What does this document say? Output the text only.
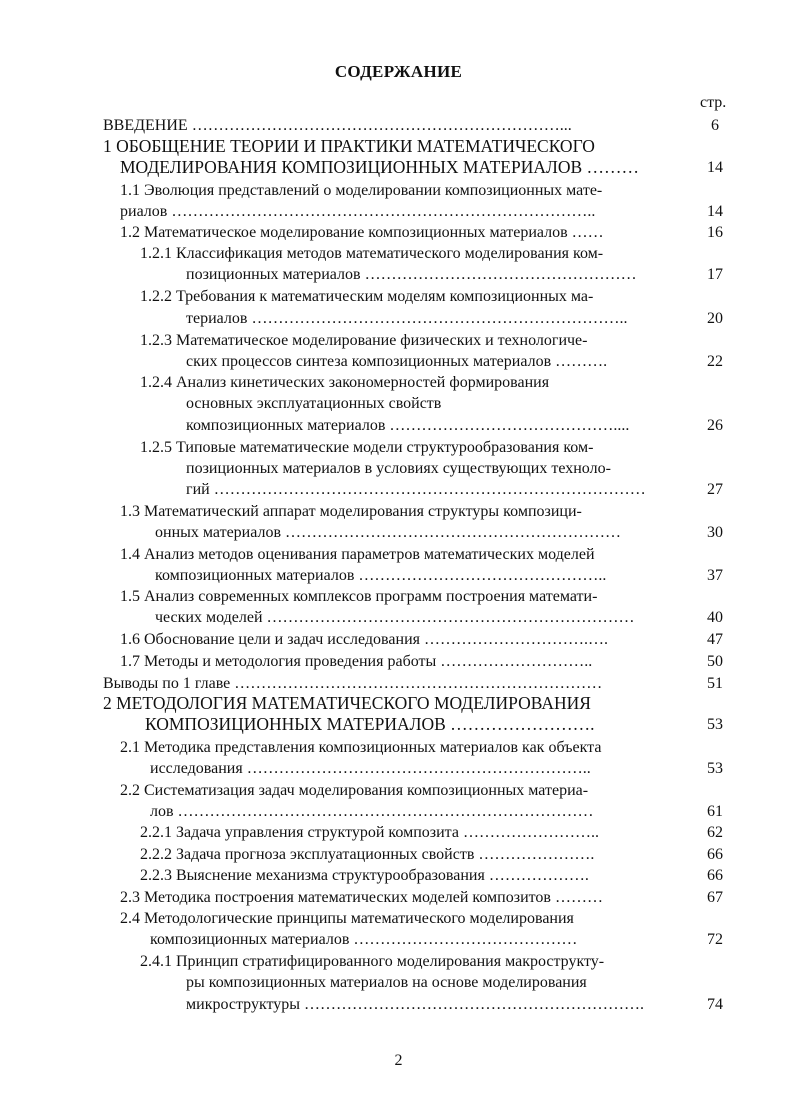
СОДЕРЖАНИЕ
стр.
ВВЕДЕНИЕ ……………………………………………………………...	6
1 ОБОБЩЕНИЕ ТЕОРИИ И ПРАКТИКИ МАТЕМАТИЧЕСКОГО
МОДЕЛИРОВАНИЯ КОМПОЗИЦИОННЫХ МАТЕРИАЛОВ ………	14
1.1 Эволюция представлений о моделировании композиционных мате-
риалов ……………………………………………………………………..	14
1.2 Математическое моделирование композиционных материалов ……	16
1.2.1 Классификация методов математического моделирования ком-
позиционных материалов ……………………………………………	17
1.2.2 Требования к математическим моделям композиционных ма-
териалов ……………………………………………………………..	20
1.2.3 Математическое моделирование физических и технологиче-
ских процессов синтеза композиционных материалов ……….	22
1.2.4 Анализ кинетических закономерностей формирования
основных эксплуатационных свойств
композиционных материалов ……………………………………....	26
1.2.5 Типовые математические модели структурообразования ком-
позиционных материалов в условиях существующих техноло-
гий ………………………………………………………………………	27
1.3 Математический аппарат моделирования структуры композици-
онных материалов ………………………………………………………	30
1.4 Анализ методов оценивания параметров математических моделей
композиционных материалов ………………………………………..	37
1.5 Анализ современных комплексов программ построения математи-
ческих моделей ……………………………………………………………	40
1.6 Обоснование цели и задач исследования ………………………….….	47
1.7 Методы и методология проведения работы ………………………..	50
Выводы по 1 главе ……………………………………………………………	51
2 МЕТОДОЛОГИЯ МАТЕМАТИЧЕСКОГО МОДЕЛИРОВАНИЯ
КОМПОЗИЦИОННЫХ МАТЕРИАЛОВ …………………….	53
2.1 Методика представления композиционных материалов как объекта
исследования ………………………………………………………..	53
2.2 Систематизация задач моделирования композиционных материа-
лов ……………………………………………………………………	61
2.2.1 Задача управления структурой композита ……………………..	62
2.2.2 Задача прогноза эксплуатационных свойств ………………….	66
2.2.3 Выяснение механизма структурообразования ……………….	66
2.3 Методика построения математических моделей композитов ………	67
2.4 Методологические принципы математического моделирования
композиционных материалов ……………………………………	72
2.4.1 Принцип стратифицированного моделирования макрострукту-
ры композиционных материалов на основе моделирования
микроструктуры ……………………………………………………….	74
2
